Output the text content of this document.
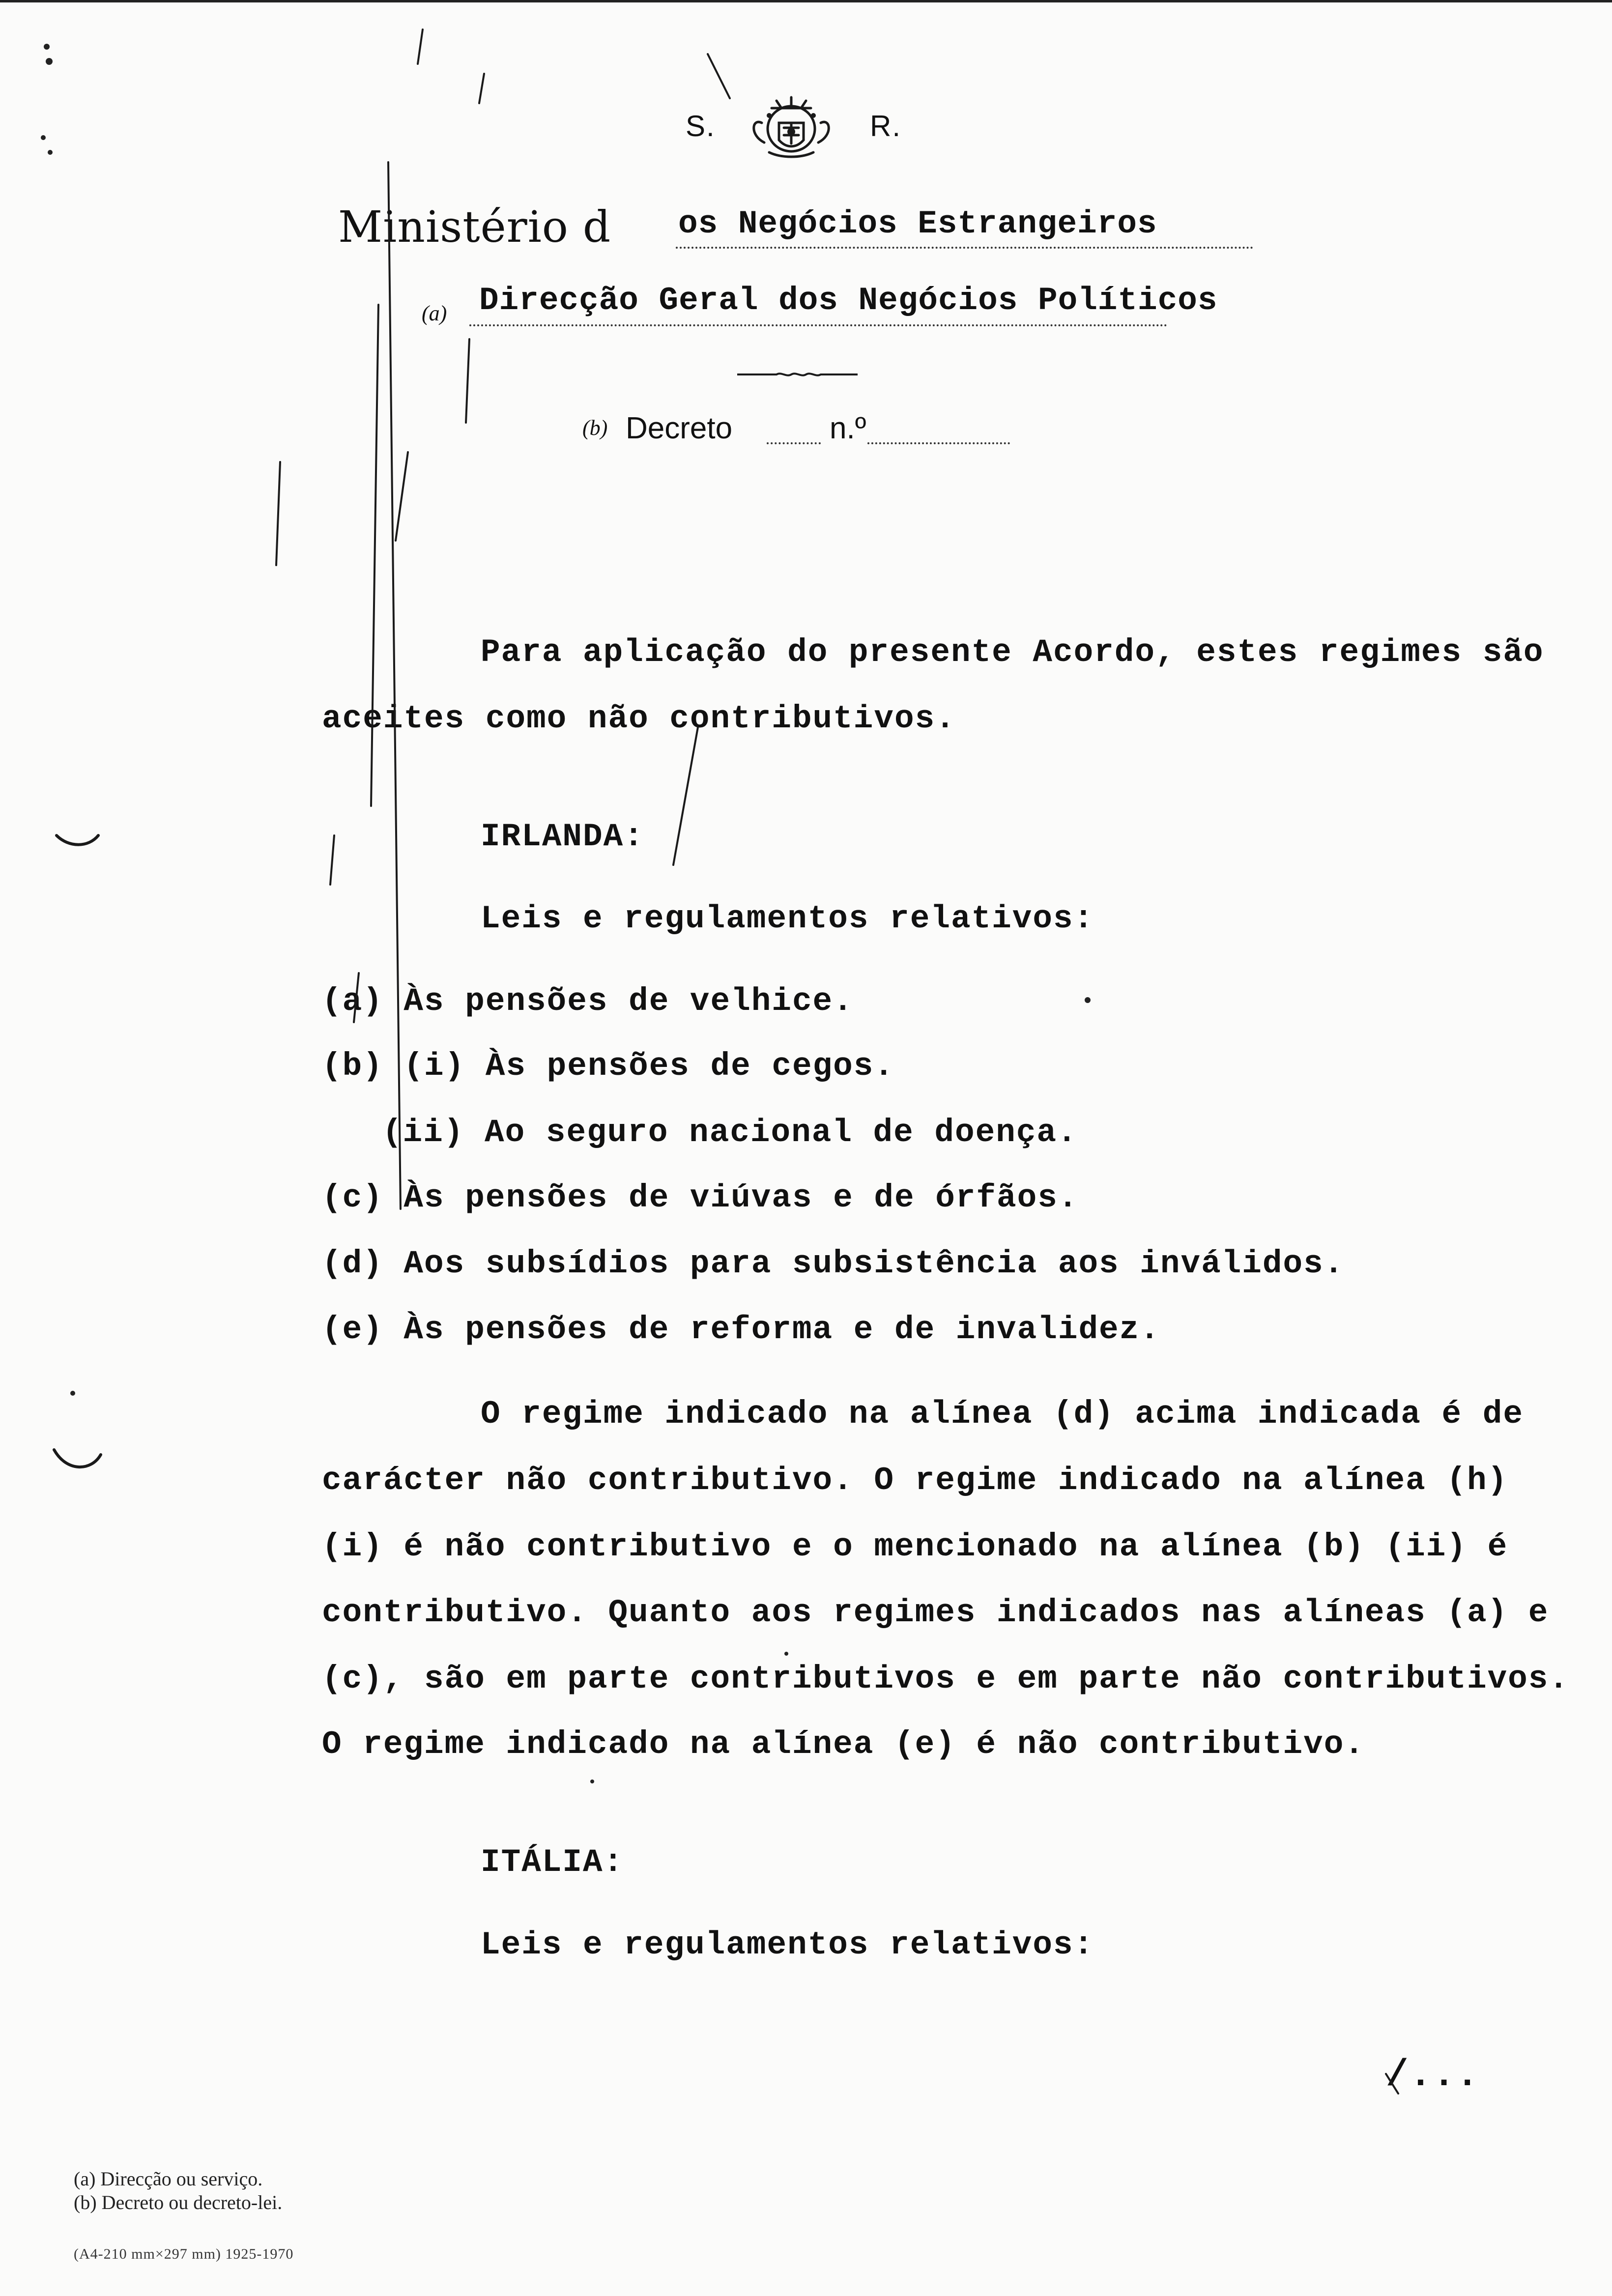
S.	R.
Ministério d os Negócios Estrangeiros
(a) Direcção Geral dos Negócios Políticos
(b) Decreto	n.º
Para aplicação do presente Acordo, estes regimes são
aceites como não contributivos.
IRLANDA:
Leis e regulamentos relativos:
(a) Às pensões de velhice.
(b) (i) Às pensões de cegos.
(ii) Ao seguro nacional de doença.
(c) Às pensões de viúvas e de órfãos.
(d) Aos subsídios para subsistência aos inválidos.
(e) Às pensões de reforma e de invalidez.
O regime indicado na alínea (d) acima indicada é de
carácter não contributivo. O regime indicado na alínea (h)
(i) é não contributivo e o mencionado na alínea (b) (ii) é
contributivo. Quanto aos regimes indicados nas alíneas (a) e
(c), são em parte contributivos e em parte não contributivos.
O regime indicado na alínea (e) é não contributivo.
ITÁLIA:
Leis e regulamentos relativos:
/...
(a) Direcção ou serviço.
(b) Decreto ou decreto-lei.
(A4-210 mm×297 mm) 1925-1970
